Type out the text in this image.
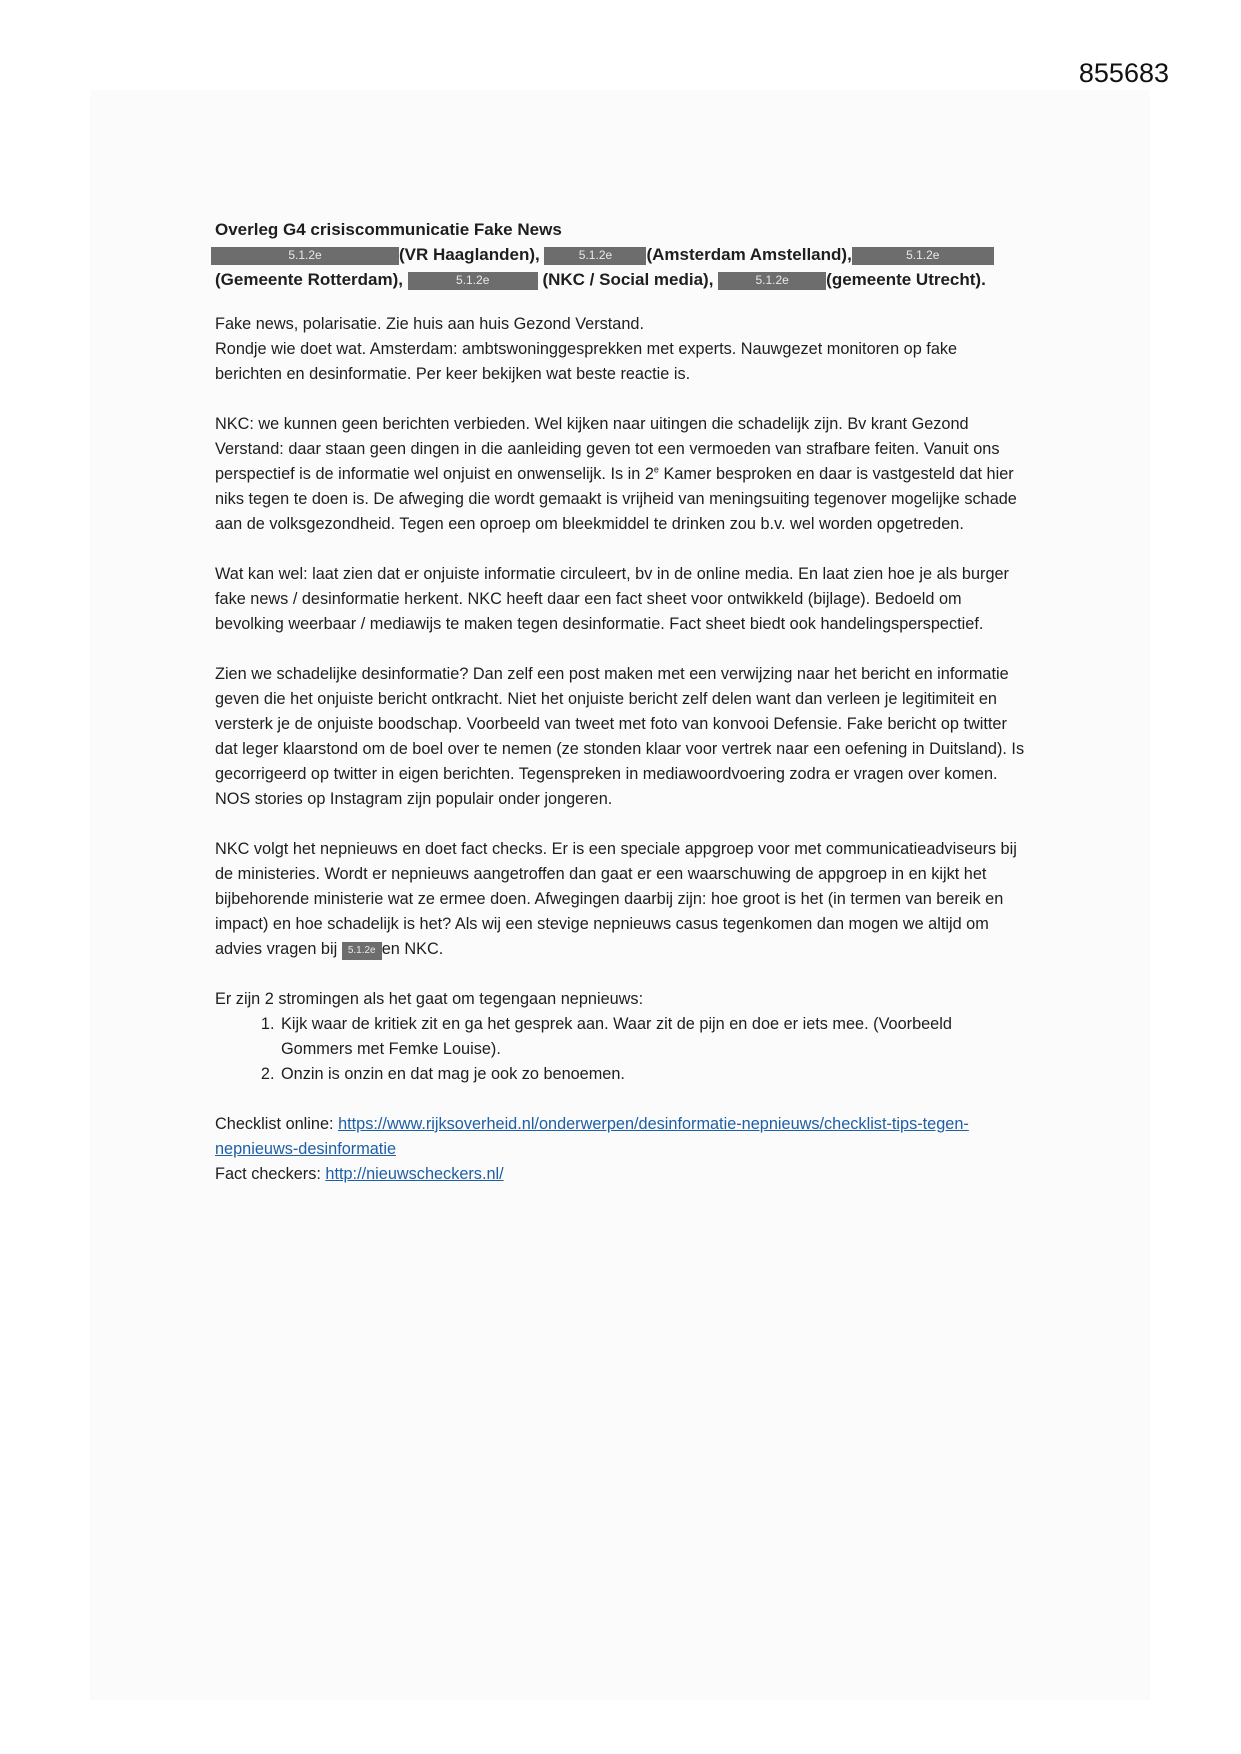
855683

Overleg G4 crisiscommunicatie Fake News

5.1.2e	(VR Haaglanden),	5.1.2e (Amsterdam Amstelland),	5.1.2e
(Gemeente Rotterdam),	5.1.2e	(NKC / Social media),	5.1.2e (gemeente Utrecht).

Fake news, polarisatie. Zie huis aan huis Gezond Verstand.
Rondje wie doet wat. Amsterdam: ambtswoninggesprekken met experts. Nauwgezet monitoren op fake berichten en desinformatie. Per keer bekijken wat beste reactie is.

NKC: we kunnen geen berichten verbieden. Wel kijken naar uitingen die schadelijk zijn. Bv krant Gezond Verstand: daar staan geen dingen in die aanleiding geven tot een vermoeden van strafbare feiten. Vanuit ons perspectief is de informatie wel onjuist en onwenselijk. Is in 2e Kamer besproken en daar is vastgesteld dat hier niks tegen te doen is. De afweging die wordt gemaakt is vrijheid van meningsuiting tegenover mogelijke schade aan de volksgezondheid. Tegen een oproep om bleekmiddel te drinken zou b.v. wel worden opgetreden.

Wat kan wel: laat zien dat er onjuiste informatie circuleert, bv in de online media. En laat zien hoe je als burger fake news / desinformatie herkent. NKC heeft daar een fact sheet voor ontwikkeld (bijlage). Bedoeld om bevolking weerbaar / mediawijs te maken tegen desinformatie. Fact sheet biedt ook handelingsperspectief.

Zien we schadelijke desinformatie? Dan zelf een post maken met een verwijzing naar het bericht en informatie geven die het onjuiste bericht ontkracht. Niet het onjuiste bericht zelf delen want dan verleen je legitimiteit en versterk je de onjuiste boodschap. Voorbeeld van tweet met foto van konvooi Defensie. Fake bericht op twitter dat leger klaarstond om de boel over te nemen (ze stonden klaar voor vertrek naar een oefening in Duitsland). Is gecorrigeerd op twitter in eigen berichten. Tegenspreken in mediawoordvoering zodra er vragen over komen. NOS stories op Instagram zijn populair onder jongeren.

NKC volgt het nepnieuws en doet fact checks. Er is een speciale appgroep voor met communicatieadviseurs bij de ministeries. Wordt er nepnieuws aangetroffen dan gaat er een waarschuwing de appgroep in en kijkt het bijbehorende ministerie wat ze ermee doen. Afwegingen daarbij zijn: hoe groot is het (in termen van bereik en impact) en hoe schadelijk is het? Als wij een stevige nepnieuws casus tegenkomen dan mogen we altijd om advies vragen bij 5.1.2e en NKC.

Er zijn 2 stromingen als het gaat om tegengaan nepnieuws:

1. Kijk waar de kritiek zit en ga het gesprek aan. Waar zit de pijn en doe er iets mee. (Voorbeeld Gommers met Femke Louise).
2. Onzin is onzin en dat mag je ook zo benoemen.

Checklist online: https://www.rijksoverheid.nl/onderwerpen/desinformatie-nepnieuws/checklist-tips-tegen-nepnieuws-desinformatie

Fact checkers: http://nieuwscheckers.nl/
